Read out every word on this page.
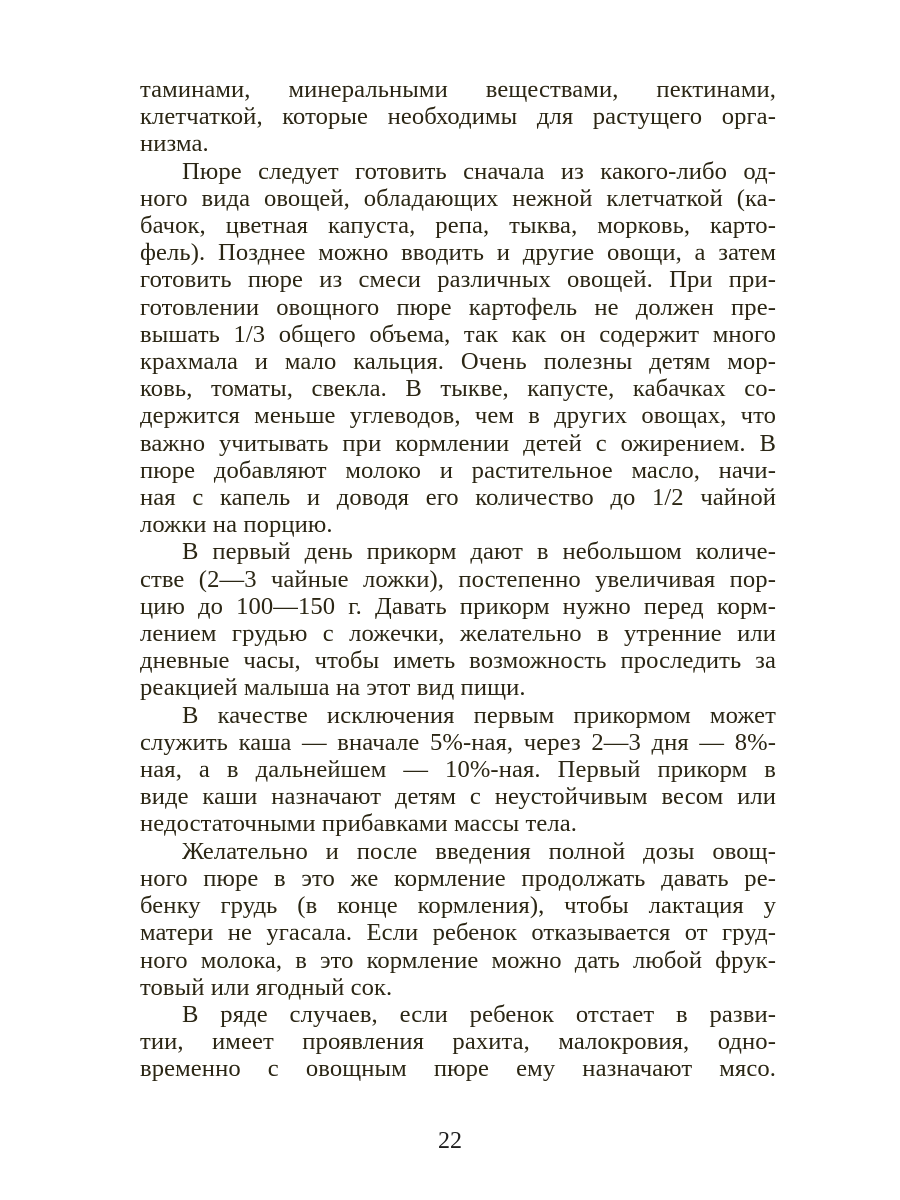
таминами, минеральными веществами, пектинами,
клетчаткой, которые необходимы для растущего орга-
низма.

Пюре следует готовить сначала из какого-либо од-
ного вида овощей, обладающих нежной клетчаткой (ка-
бачок, цветная капуста, репа, тыква, морковь, карто-
фель). Позднее можно вводить и другие овощи, а затем
готовить пюре из смеси различных овощей. При при-
готовлении овощного пюре картофель не должен пре-
вышать 1/3 общего объема, так как он содержит много
крахмала и мало кальция. Очень полезны детям мор-
ковь, томаты, свекла. В тыкве, капусте, кабачках со-
держится меньше углеводов, чем в других овощах, что
важно учитывать при кормлении детей с ожирением. В
пюре добавляют молоко и растительное масло, начи-
ная с капель и доводя его количество до 1/2 чайной
ложки на порцию.

В первый день прикорм дают в небольшом количе-
стве (2—3 чайные ложки), постепенно увеличивая пор-
цию до 100—150 г. Давать прикорм нужно перед корм-
лением грудью с ложечки, желательно в утренние или
дневные часы, чтобы иметь возможность проследить за
реакцией малыша на этот вид пищи.

В качестве исключения первым прикормом может
служить каша — вначале 5%-ная, через 2—3 дня — 8%-
ная, а в дальнейшем — 10%-ная. Первый прикорм в
виде каши назначают детям с неустойчивым весом или
недостаточными прибавками массы тела.

Желательно и после введения полной дозы овощ-
ного пюре в это же кормление продолжать давать ре-
бенку грудь (в конце кормления), чтобы лактация у
матери не угасала. Если ребенок отказывается от груд-
ного молока, в это кормление можно дать любой фрук-
товый или ягодный сок.

В ряде случаев, если ребенок отстает в разви-
тии, имеет проявления рахита, малокровия, одно-
временно с овощным пюре ему назначают мясо.

22
